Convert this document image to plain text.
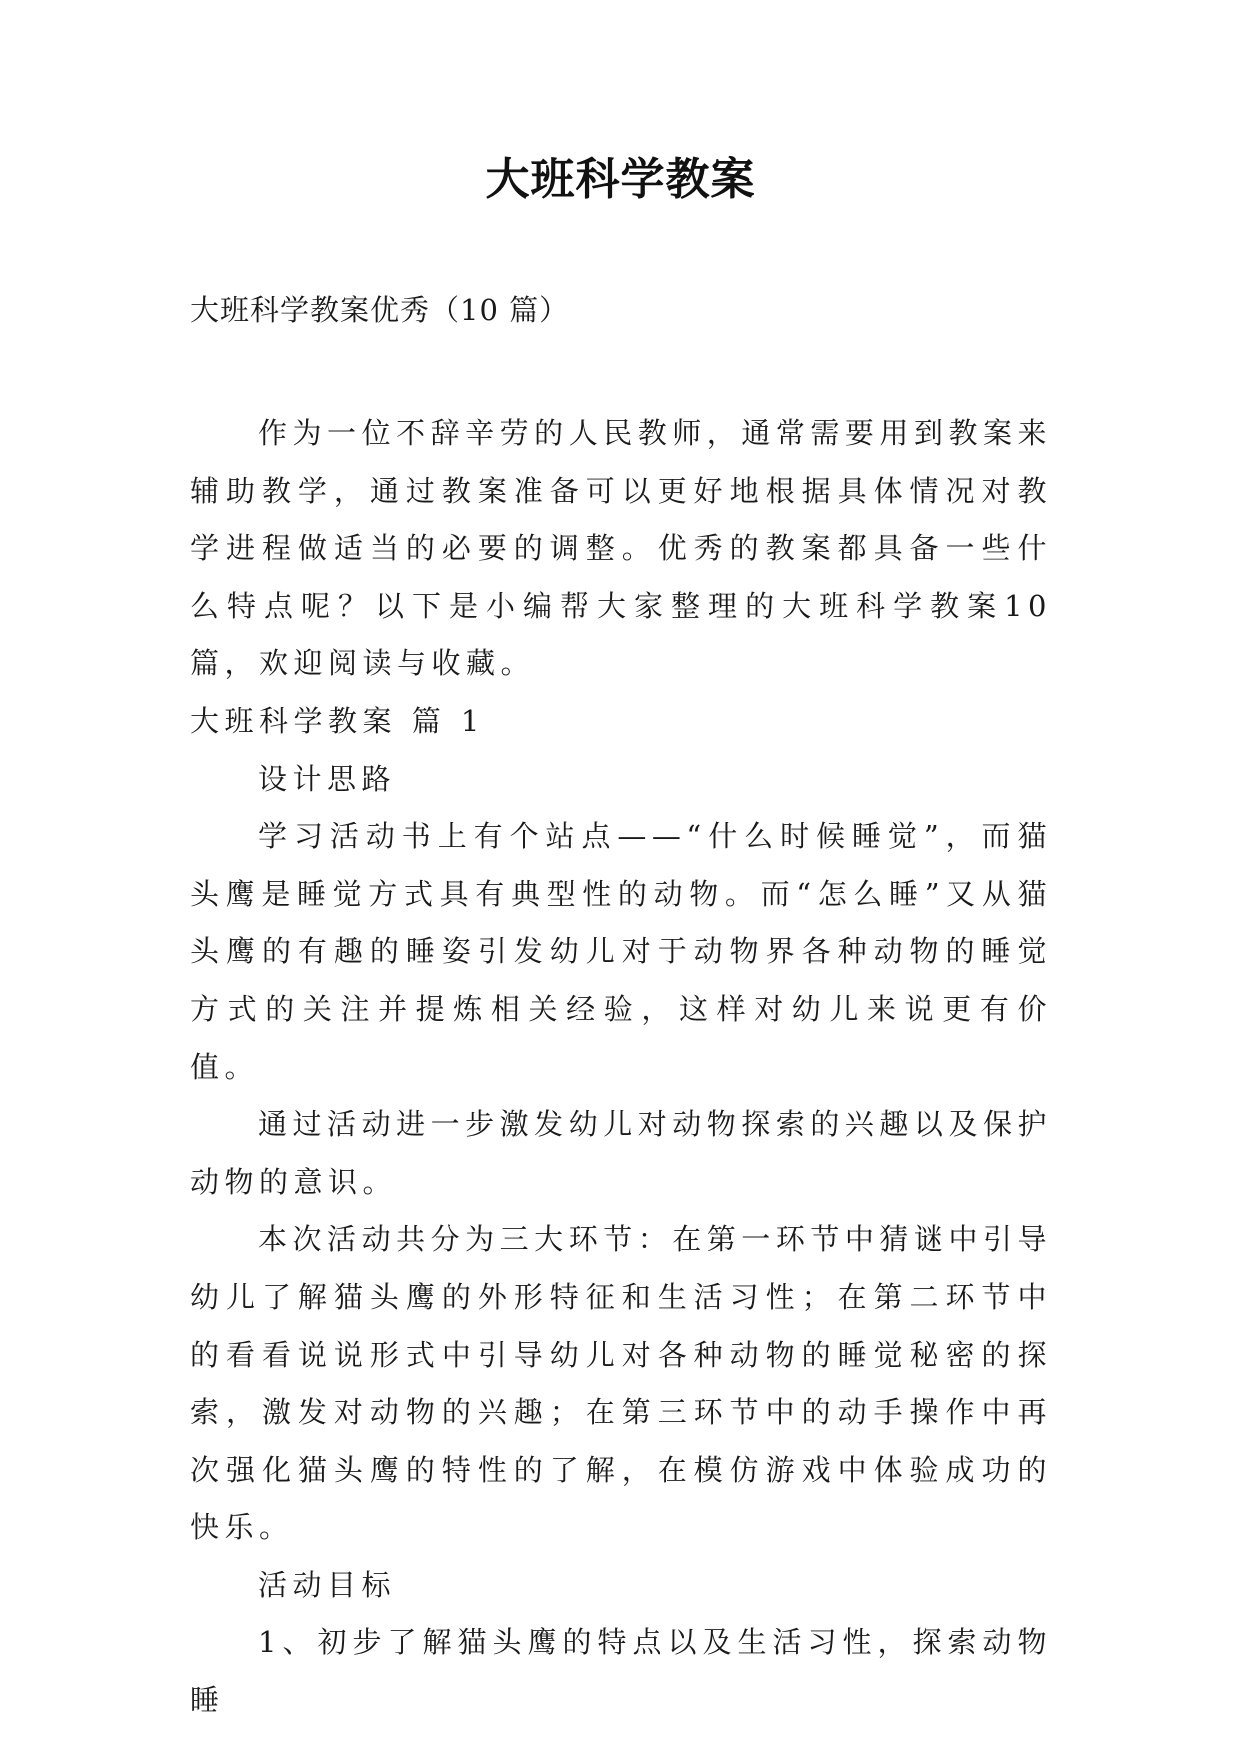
大班科学教案
大班科学教案优秀（10 篇）

作为一位不辞辛劳的人民教师，通常需要用到教案来辅助教学，通过教案准备可以更好地根据具体情况对教学进程做适当的必要的调整。优秀的教案都具备一些什么特点呢？以下是小编帮大家整理的大班科学教案10 篇，欢迎阅读与收藏。

大班科学教案 篇 1

设计思路

学习活动书上有个站点——“什么时候睡觉”，而猫头鹰是睡觉方式具有典型性的动物。而“怎么睡”又从猫头鹰的有趣的睡姿引发幼儿对于动物界各种动物的睡觉方式的关注并提炼相关经验，这样对幼儿来说更有价值。

通过活动进一步激发幼儿对动物探索的兴趣以及保护动物的意识。

本次活动共分为三大环节：在第一环节中猜谜中引导幼儿了解猫头鹰的外形特征和生活习性；在第二环节中的看看说说形式中引导幼儿对各种动物的睡觉秘密的探索，激发对动物的兴趣；在第三环节中的动手操作中再次强化猫头鹰的特性的了解，在模仿游戏中体验成功的快乐。

活动目标

1、初步了解猫头鹰的特点以及生活习性，探索动物睡
